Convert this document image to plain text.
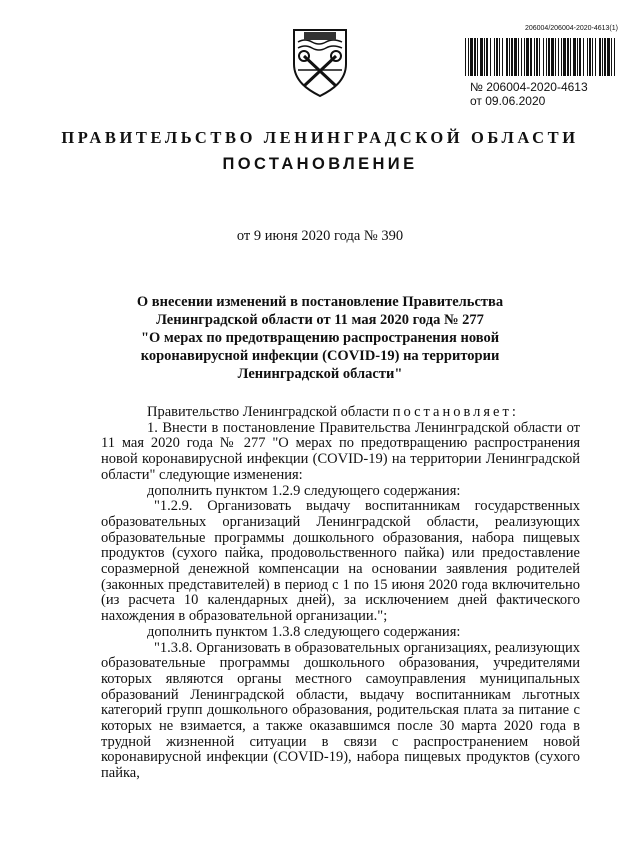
206004/206004-2020-4613(1)
№ 206004-2020-4613
от 09.06.2020
ПРАВИТЕЛЬСТВО ЛЕНИНГРАДСКОЙ ОБЛАСТИ
ПОСТАНОВЛЕНИЕ
от 9 июня 2020 года № 390
О внесении изменений в постановление Правительства
Ленинградской области от 11 мая 2020 года № 277
"О мерах по предотвращению распространения новой
коронавирусной инфекции (COVID-19) на территории
Ленинградской области"

Правительство Ленинградской области постановляет:

1. Внести в постановление Правительства Ленинградской области от 11 мая 2020 года № 277 "О мерах по предотвращению распространения новой коронавирусной инфекции (COVID-19) на территории Ленинградской области" следующие изменения:

дополнить пунктом 1.2.9 следующего содержания:

"1.2.9. Организовать выдачу воспитанникам государственных образовательных организаций Ленинградской области, реализующих образовательные программы дошкольного образования, набора пищевых продуктов (сухого пайка, продовольственного пайка) или предоставление соразмерной денежной компенсации на основании заявления родителей (законных представителей) в период с 1 по 15 июня 2020 года включительно (из расчета 10 календарных дней), за исключением дней фактического нахождения в образовательной организации.";

дополнить пунктом 1.3.8 следующего содержания:

"1.3.8. Организовать в образовательных организациях, реализующих образовательные программы дошкольного образования, учредителями которых являются органы местного самоуправления муниципальных образований Ленинградской области, выдачу воспитанникам льготных категорий групп дошкольного образования, родительская плата за питание с которых не взимается, а также оказавшимся после 30 марта 2020 года в трудной жизненной ситуации в связи с распространением новой коронавирусной инфекции (COVID-19), набора пищевых продуктов (сухого пайка,
